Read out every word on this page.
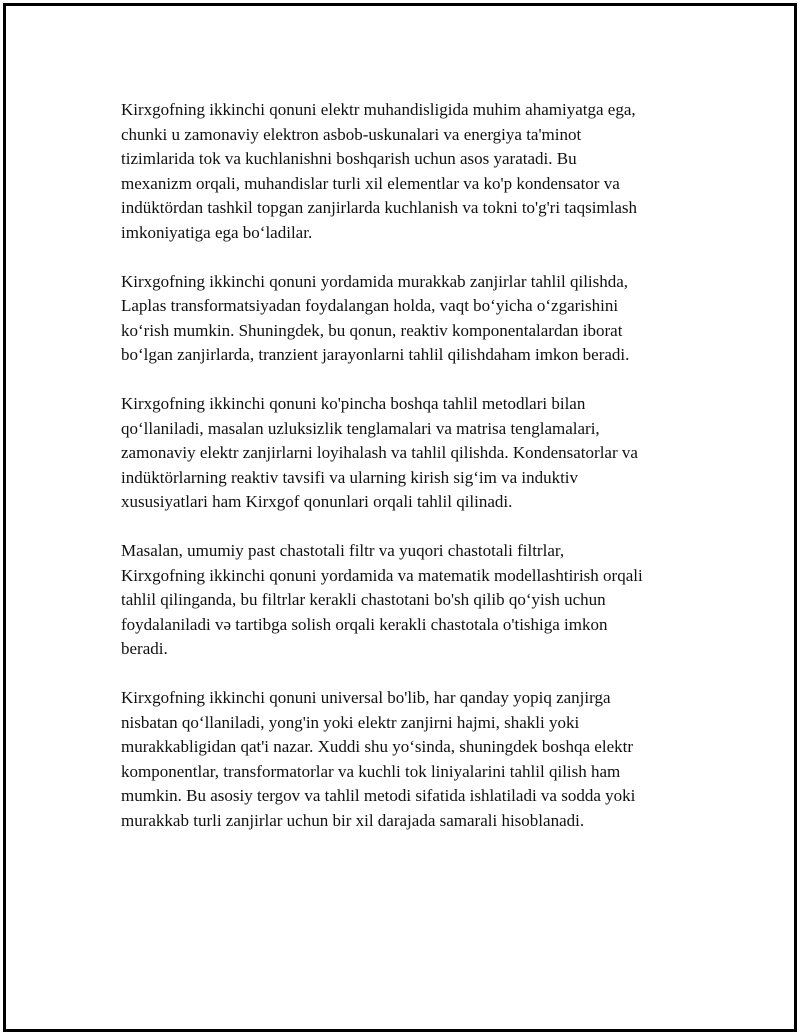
Kirxgofning ikkinchi qonuni elektr muhandisligida muhim ahamiyatga ega,
chunki u zamonaviy elektron asbob-uskunalari va energiya ta'minot
tizimlarida tok va kuchlanishni boshqarish uchun asos yaratadi. Bu
mexanizm orqali, muhandislar turli xil elementlar va ko'p kondensator va
indüktördan tashkil topgan zanjirlarda kuchlanish va tokni to'g'ri taqsimlash
imkoniyatiga ega bo‘ladilar.

Kirxgofning ikkinchi qonuni yordamida murakkab zanjirlar tahlil qilishda,
Laplas transformatsiyadan foydalangan holda, vaqt bo‘yicha o‘zgarishini
ko‘rish mumkin. Shuningdek, bu qonun, reaktiv komponentalardan iborat
bo‘lgan zanjirlarda, tranzient jarayonlarni tahlil qilishdaham imkon beradi.

Kirxgofning ikkinchi qonuni ko'pincha boshqa tahlil metodlari bilan
qo‘llaniladi, masalan uzluksizlik tenglamalari va matrisa tenglamalari,
zamonaviy elektr zanjirlarni loyihalash va tahlil qilishda. Kondensatorlar va
indüktörlarning reaktiv tavsifi va ularning kirish sig‘im va induktiv
xususiyatlari ham Kirxgof qonunlari orqali tahlil qilinadi.

Masalan, umumiy past chastotali filtr va yuqori chastotali filtrlar,
Kirxgofning ikkinchi qonuni yordamida va matematik modellashtirish orqali
tahlil qilinganda, bu filtrlar kerakli chastotani bo'sh qilib qo‘yish uchun
foydalaniladi və tartibga solish orqali kerakli chastotala o'tishiga imkon
beradi.

Kirxgofning ikkinchi qonuni universal bo'lib, har qanday yopiq zanjirga
nisbatan qo‘llaniladi, yong'in yoki elektr zanjirni hajmi, shakli yoki
murakkabligidan qat'i nazar. Xuddi shu yo‘sinda, shuningdek boshqa elektr
komponentlar, transformatorlar va kuchli tok liniyalarini tahlil qilish ham
mumkin. Bu asosiy tergov va tahlil metodi sifatida ishlatiladi va sodda yoki
murakkab turli zanjirlar uchun bir xil darajada samarali hisoblanadi.
